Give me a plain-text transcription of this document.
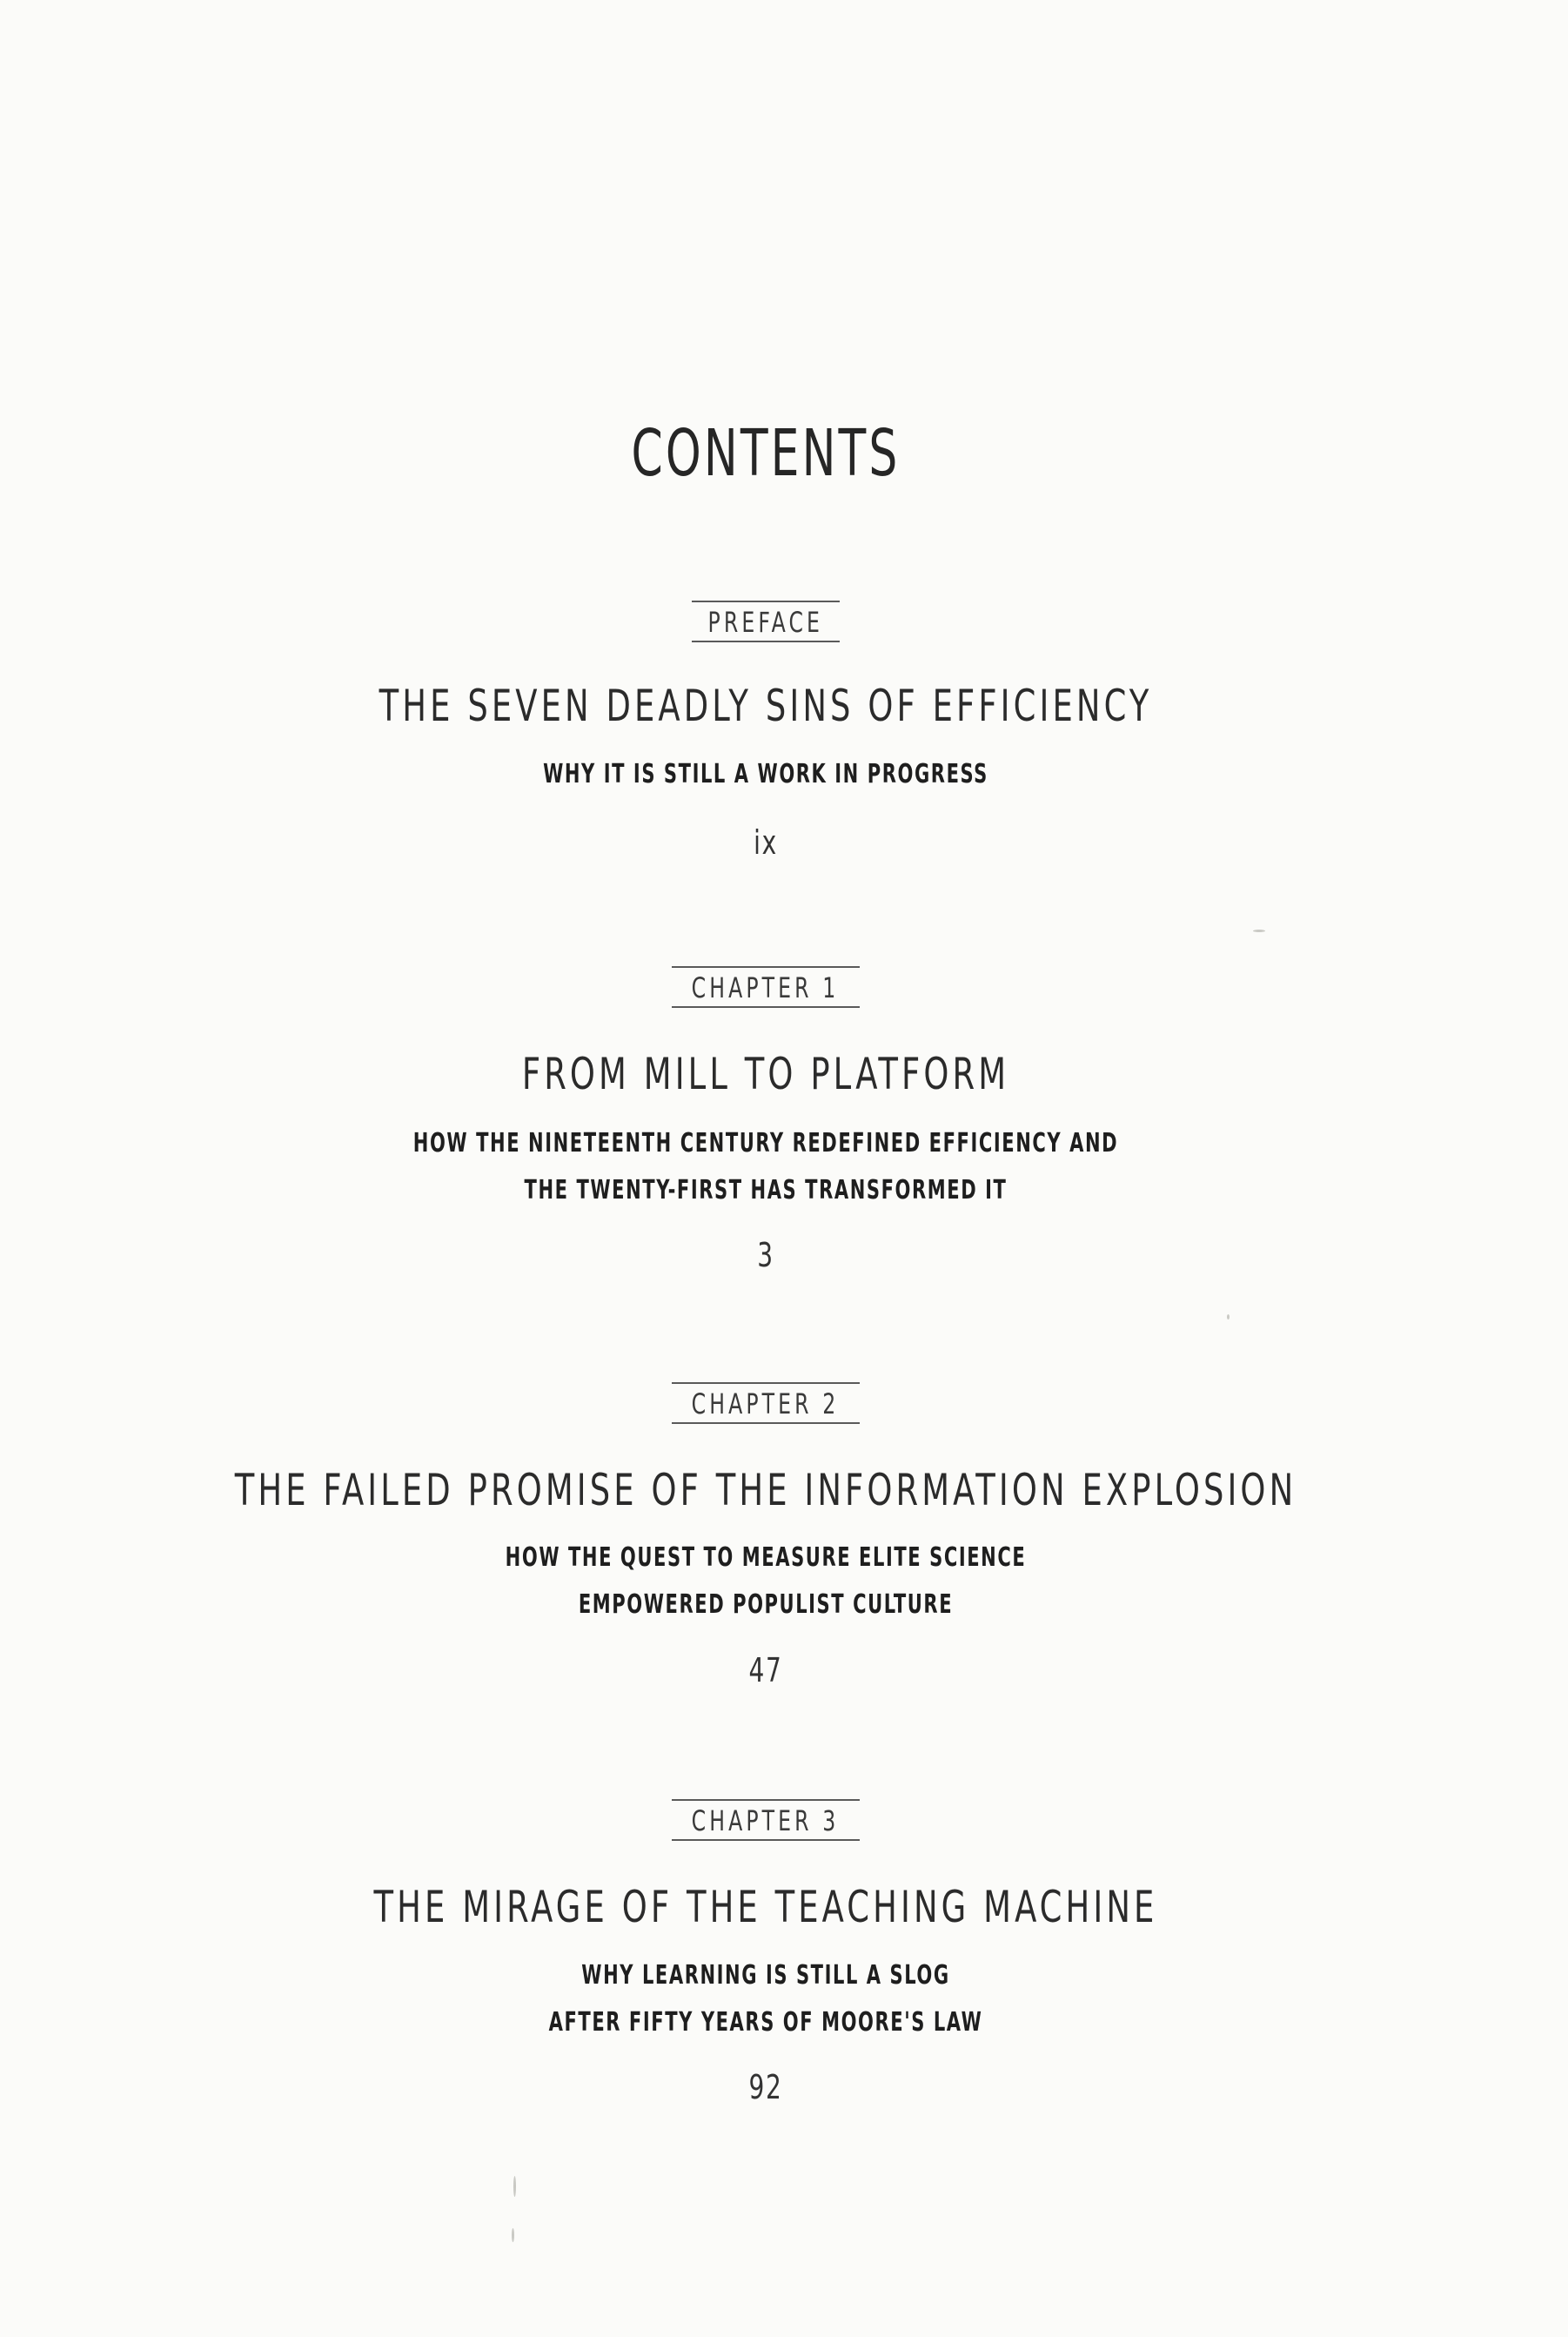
CONTENTS
PREFACE
THE SEVEN DEADLY SINS OF EFFICIENCY
WHY IT IS STILL A WORK IN PROGRESS
ix
CHAPTER 1
FROM MILL TO PLATFORM
HOW THE NINETEENTH CENTURY REDEFINED EFFICIENCY AND
THE TWENTY-FIRST HAS TRANSFORMED IT
3
CHAPTER 2
THE FAILED PROMISE OF THE INFORMATION EXPLOSION
HOW THE QUEST TO MEASURE ELITE SCIENCE
EMPOWERED POPULIST CULTURE
47
CHAPTER 3
THE MIRAGE OF THE TEACHING MACHINE
WHY LEARNING IS STILL A SLOG
AFTER FIFTY YEARS OF MOORE'S LAW
92
